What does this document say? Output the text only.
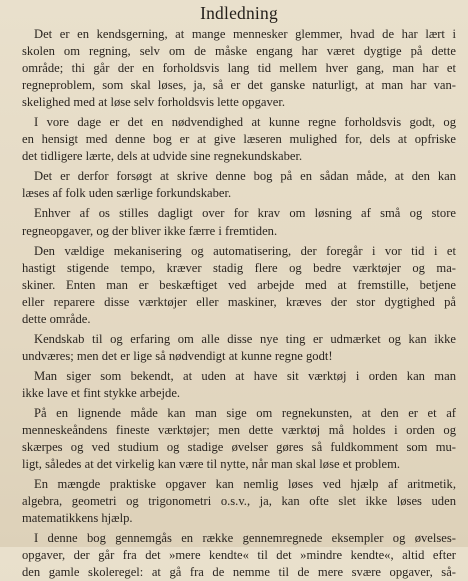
Indledning

Det er en kendsgerning, at mange mennesker glemmer, hvad de har lært i
skolen om regning, selv om de måske engang har været dygtige på dette
område; thi går der en forholdsvis lang tid mellem hver gang, man har et
regneproblem, som skal løses, ja, så er det ganske naturligt, at man har van-
skelighed med at løse selv forholdsvis lette opgaver.

I vore dage er det en nødvendighed at kunne regne forholdsvis godt, og
en hensigt med denne bog er at give læseren mulighed for, dels at opfriske
det tidligere lærte, dels at udvide sine regnekundskaber.

Det er derfor forsøgt at skrive denne bog på en sådan måde, at den kan
læses af folk uden særlige forkundskaber.

Enhver af os stilles dagligt over for krav om løsning af små og store
regneopgaver, og der bliver ikke færre i fremtiden.

Den vældige mekanisering og automatisering, der foregår i vor tid i et
hastigt stigende tempo, kræver stadig flere og bedre værktøjer og ma-
skiner. Enten man er beskæftiget ved arbejde med at fremstille, betjene
eller reparere disse værktøjer eller maskiner, kræves der stor dygtighed på
dette område.

Kendskab til og erfaring om alle disse nye ting er udmærket og kan ikke
undværes; men det er lige så nødvendigt at kunne regne godt!

Man siger som bekendt, at uden at have sit værktøj i orden kan man
ikke lave et fint stykke arbejde.

På en lignende måde kan man sige om regnekunsten, at den er et af
menneskeåndens fineste værktøjer; men dette værktøj må holdes i orden og
skærpes og ved studium og stadige øvelser gøres så fuldkomment som mu-
ligt, således at det virkelig kan være til nytte, når man skal løse et problem.

En mængde praktiske opgaver kan nemlig løses ved hjælp af aritmetik,
algebra, geometri og trigonometri o.s.v., ja, kan ofte slet ikke løses uden
matematikkens hjælp.

I denne bog gennemgås en række gennemregnede eksempler og øvelses-
opgaver, der går fra det »mere kendte« til det »mindre kendte«, altid efter
den gamle skoleregel: at gå fra de nemme til de mere svære opgaver, så-
